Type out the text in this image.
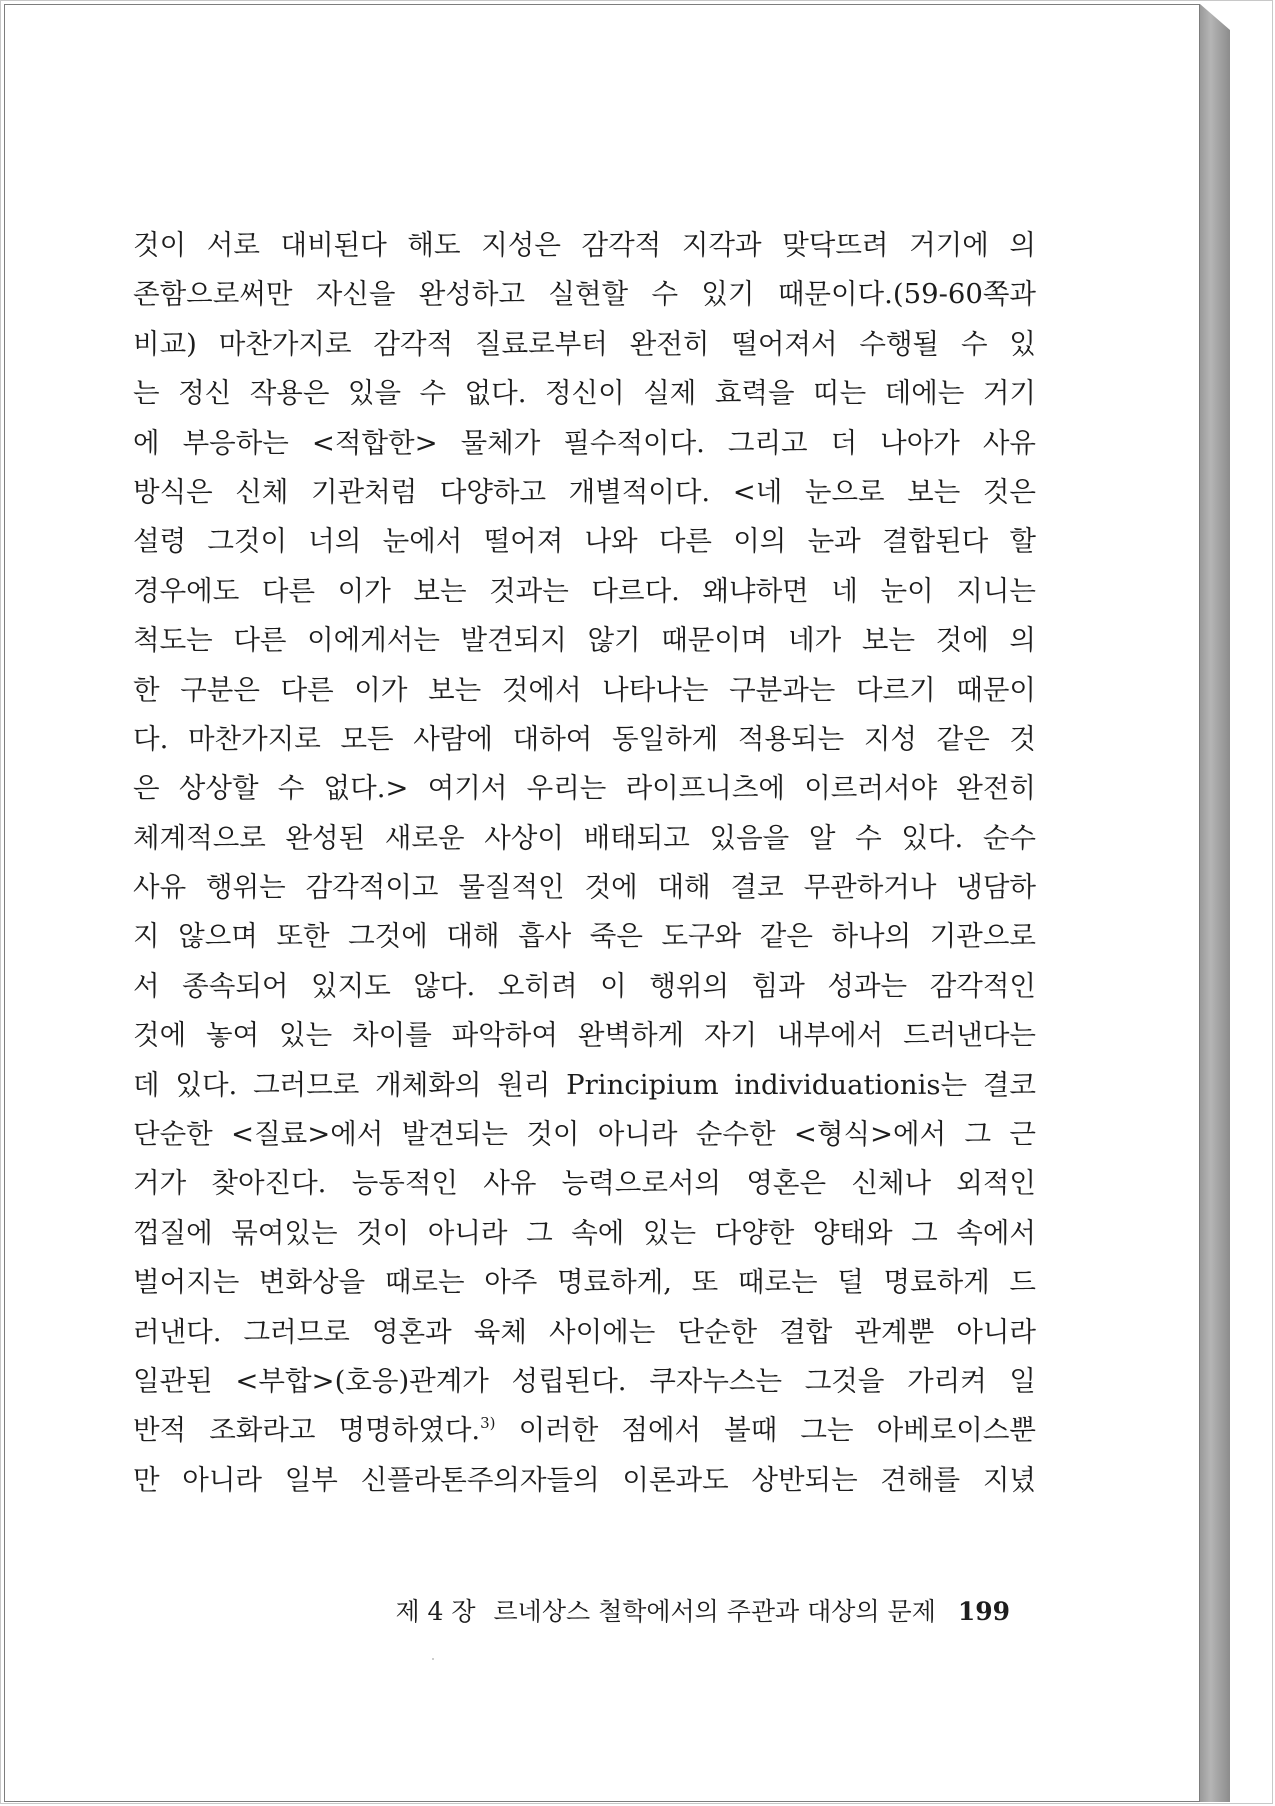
것이 서로 대비된다 해도 지성은 감각적 지각과 맞닥뜨려 거기에 의
존함으로써만 자신을 완성하고 실현할 수 있기 때문이다.(59-60쪽과
비교) 마찬가지로 감각적 질료로부터 완전히 떨어져서 수행될 수 있
는 정신 작용은 있을 수 없다. 정신이 실제 효력을 띠는 데에는 거기
에 부응하는 <적합한> 물체가 필수적이다. 그리고 더 나아가 사유
방식은 신체 기관처럼 다양하고 개별적이다. <네 눈으로 보는 것은
설령 그것이 너의 눈에서 떨어져 나와 다른 이의 눈과 결합된다 할
경우에도 다른 이가 보는 것과는 다르다. 왜냐하면 네 눈이 지니는
척도는 다른 이에게서는 발견되지 않기 때문이며 네가 보는 것에 의
한 구분은 다른 이가 보는 것에서 나타나는 구분과는 다르기 때문이
다. 마찬가지로 모든 사람에 대하여 동일하게 적용되는 지성 같은 것
은 상상할 수 없다.> 여기서 우리는 라이프니츠에 이르러서야 완전히
체계적으로 완성된 새로운 사상이 배태되고 있음을 알 수 있다. 순수
사유 행위는 감각적이고 물질적인 것에 대해 결코 무관하거나 냉담하
지 않으며 또한 그것에 대해 흡사 죽은 도구와 같은 하나의 기관으로
서 종속되어 있지도 않다. 오히려 이 행위의 힘과 성과는 감각적인
것에 놓여 있는 차이를 파악하여 완벽하게 자기 내부에서 드러낸다는
데 있다. 그러므로 개체화의 원리 Principium individuationis는 결코
단순한 <질료>에서 발견되는 것이 아니라 순수한 <형식>에서 그 근
거가 찾아진다. 능동적인 사유 능력으로서의 영혼은 신체나 외적인
껍질에 묶여있는 것이 아니라 그 속에 있는 다양한 양태와 그 속에서
벌어지는 변화상을 때로는 아주 명료하게, 또 때로는 덜 명료하게 드
러낸다. 그러므로 영혼과 육체 사이에는 단순한 결합 관계뿐 아니라
일관된 <부합>(호응)관계가 성립된다. 쿠자누스는 그것을 가리켜 일
반적 조화라고 명명하였다.$^{3)}$ 이러한 점에서 볼때 그는 아베로이스뿐
만 아니라 일부 신플라톤주의자들의 이론과도 상반되는 견해를 지녔
제 4 장 르네상스 철학에서의 주관과 대상의 문제 199
